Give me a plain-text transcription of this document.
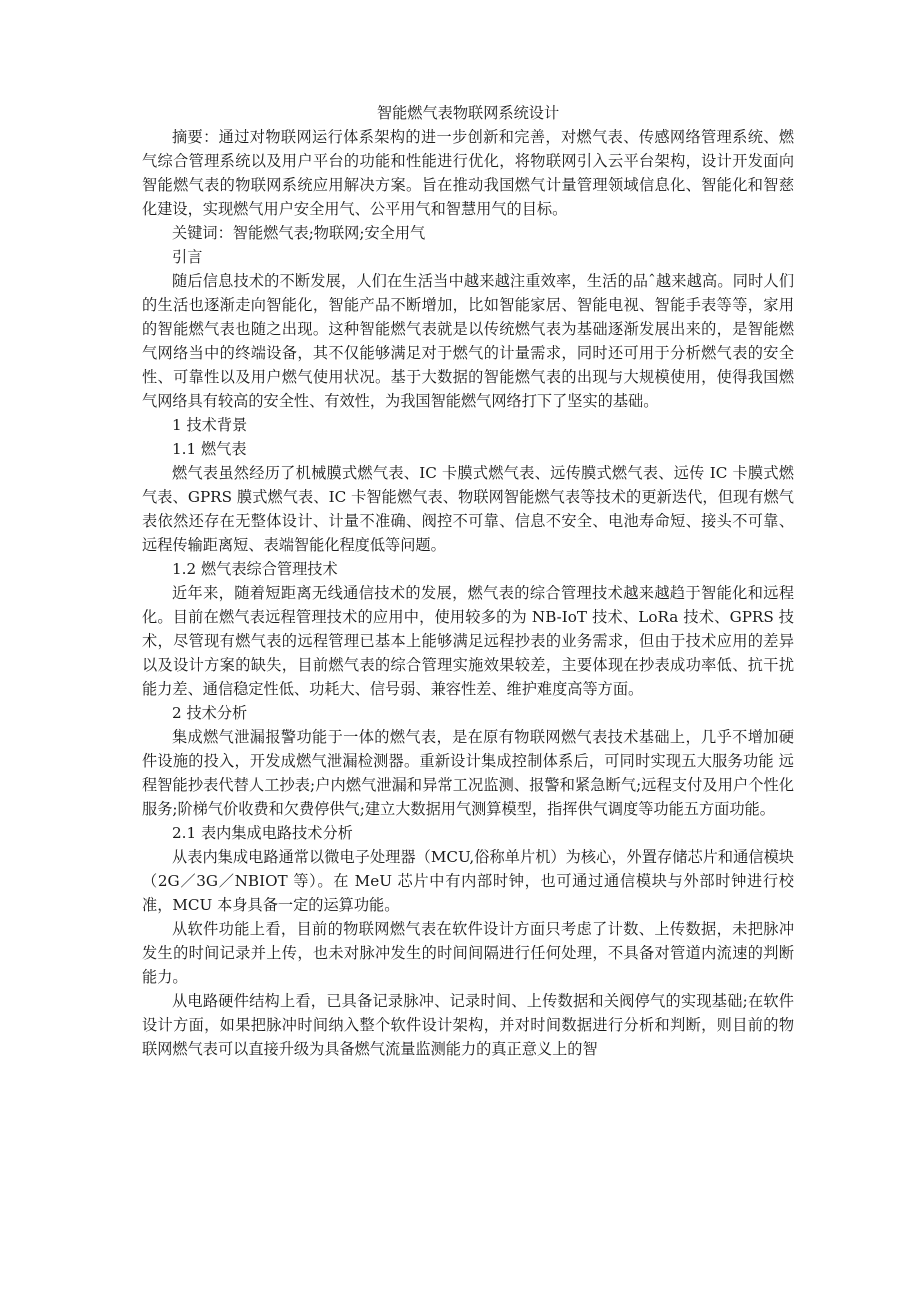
智能燃气表物联网系统设计

摘要：通过对物联网运行体系架构的进一步创新和完善，对燃气表、传感网络管理系统、燃气综合管理系统以及用户平台的功能和性能进行优化，将物联网引入云平台架构，设计开发面向智能燃气表的物联网系统应用解决方案。旨在推动我国燃气计量管理领域信息化、智能化和智慈化建设，实现燃气用户安全用气、公平用气和智慧用气的目标。

关键词：智能燃气表;物联网;安全用气

引言

随后信息技术的不断发展，人们在生活当中越来越注重效率，生活的品ˆ越来越高。同时人们的生活也逐渐走向智能化，智能产品不断增加，比如智能家居、智能电视、智能手表等等，家用的智能燃气表也随之出现。这种智能燃气表就是以传统燃气表为基础逐渐发展出来的，是智能燃气网络当中的终端设备，其不仅能够满足对于燃气的计量需求，同时还可用于分析燃气表的安全性、可靠性以及用户燃气使用状况。基于大数据的智能燃气表的出现与大规模使用，使得我国燃气网络具有较高的安全性、有效性，为我国智能燃气网络打下了坚实的基础。

1 技术背景

1.1 燃气表

燃气表虽然经历了机械膜式燃气表、IC 卡膜式燃气表、远传膜式燃气表、远传 IC 卡膜式燃气表、GPRS 膜式燃气表、IC 卡智能燃气表、物联网智能燃气表等技术的更新迭代，但现有燃气表依然还存在无整体设计、计量不准确、阀控不可靠、信息不安全、电池寿命短、接头不可靠、远程传输距离短、表端智能化程度低等问题。

1.2 燃气表综合管理技术

近年来，随着短距离无线通信技术的发展，燃气表的综合管理技术越来越趋于智能化和远程化。目前在燃气表远程管理技术的应用中，使用较多的为 NB-IoT 技术、LoRa 技术、GPRS 技术，尽管现有燃气表的远程管理已基本上能够满足远程抄表的业务需求，但由于技术应用的差异以及设计方案的缺失，目前燃气表的综合管理实施效果较差，主要体现在抄表成功率低、抗干扰能力差、通信稳定性低、功耗大、信号弱、兼容性差、维护难度高等方面。

2 技术分析

集成燃气泄漏报警功能于一体的燃气表，是在原有物联网燃气表技术基础上，几乎不增加硬件设施的投入，开发成燃气泄漏检测器。重新设计集成控制体系后，可同时实现五大服务功能 远程智能抄表代替人工抄表;户内燃气泄漏和异常工况监测、报警和紧急断气;远程支付及用户个性化服务;阶梯气价收费和欠费停供气;建立大数据用气测算模型，指挥供气调度等功能五方面功能。

2.1 表内集成电路技术分析

从表内集成电路通常以微电子处理器（MCU,俗称单片机）为核心，外置存储芯片和通信模块（2G／3G／NBIOT 等）。在 MeU 芯片中有内部时钟，也可通过通信模块与外部时钟进行校准，MCU 本身具备一定的运算功能。

从软件功能上看，目前的物联网燃气表在软件设计方面只考虑了计数、上传数据，未把脉冲发生的时间记录并上传，也未对脉冲发生的时间间隔进行任何处理，不具备对管道内流速的判断能力。

从电路硬件结构上看，已具备记录脉冲、记录时间、上传数据和关阀停气的实现基础;在软件设计方面，如果把脉冲时间纳入整个软件设计架构，并对时间数据进行分析和判断，则目前的物联网燃气表可以直接升级为具备燃气流量监测能力的真正意义上的智
